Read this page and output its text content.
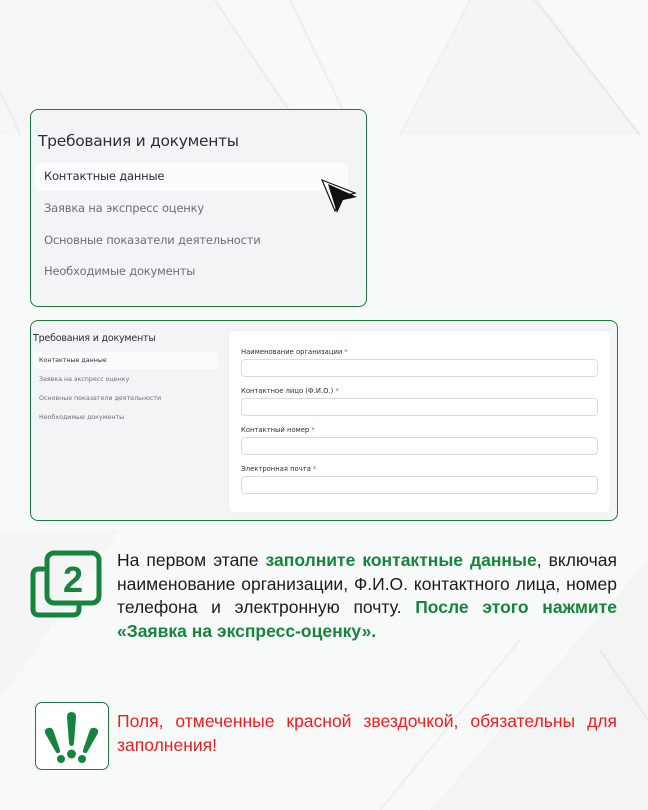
Требования и документы
Контактные данные
Заявка на экспресс оценку
Основные показатели деятельности
Необходимые документы
Требования и документы
Контактные данные
Заявка на экспресс оценку
Основные показатели деятельности
Необходимые документы
Наименование организации *
Контактное лицо (Ф.И.О.) *
Контактный номер *
Электронная почта *
2 На первом этапе заполните контактные данные, включая наименование организации, Ф.И.О. контактного лица, номер телефона и электронную почту. После этого нажмите «Заявка на экспресс-оценку».
Поля, отмеченные красной звездочкой, обязательны для заполнения!
